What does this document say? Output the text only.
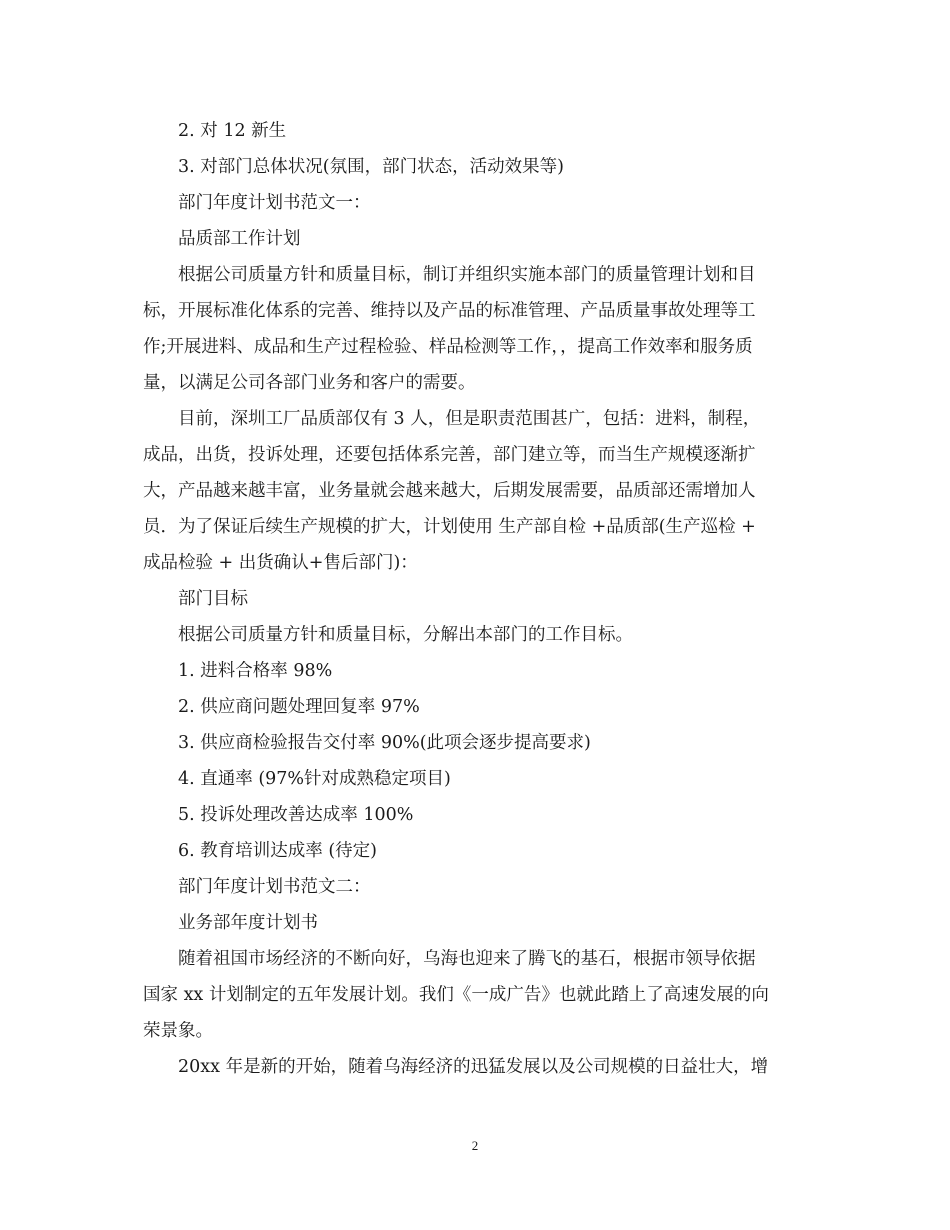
2. 对 12 新生

3. 对部门总体状况(氛围，部门状态，活动效果等)

部门年度计划书范文一：

品质部工作计划

根据公司质量方针和质量目标，制订并组织实施本部门的质量管理计划和目

标，开展标准化体系的完善、维持以及产品的标准管理、产品质量事故处理等工

作;开展进料、成品和生产过程检验、样品检测等工作，，提高工作效率和服务质

量，以满足公司各部门业务和客户的需要。

目前，深圳工厂品质部仅有 3 人，但是职责范围甚广，包括：进料，制程，

成品，出货，投诉处理，还要包括体系完善，部门建立等，而当生产规模逐渐扩

大，产品越来越丰富，业务量就会越来越大，后期发展需要，品质部还需增加人

员．为了保证后续生产规模的扩大，计划使用 生产部自检 +品质部(生产巡检 +

成品检验 + 出货确认+售后部门)：

部门目标

根据公司质量方针和质量目标，分解出本部门的工作目标。

1. 进料合格率 98%

2. 供应商问题处理回复率 97%

3. 供应商检验报告交付率 90%(此项会逐步提高要求)

4. 直通率 (97%针对成熟稳定项目)

5. 投诉处理改善达成率 100%

6. 教育培训达成率 (待定)

部门年度计划书范文二：

业务部年度计划书

随着祖国市场经济的不断向好，乌海也迎来了腾飞的基石，根据市领导依据

国家 xx 计划制定的五年发展计划。我们《一成广告》也就此踏上了高速发展的向

荣景象。

20xx 年是新的开始，随着乌海经济的迅猛发展以及公司规模的日益壮大，增

2
